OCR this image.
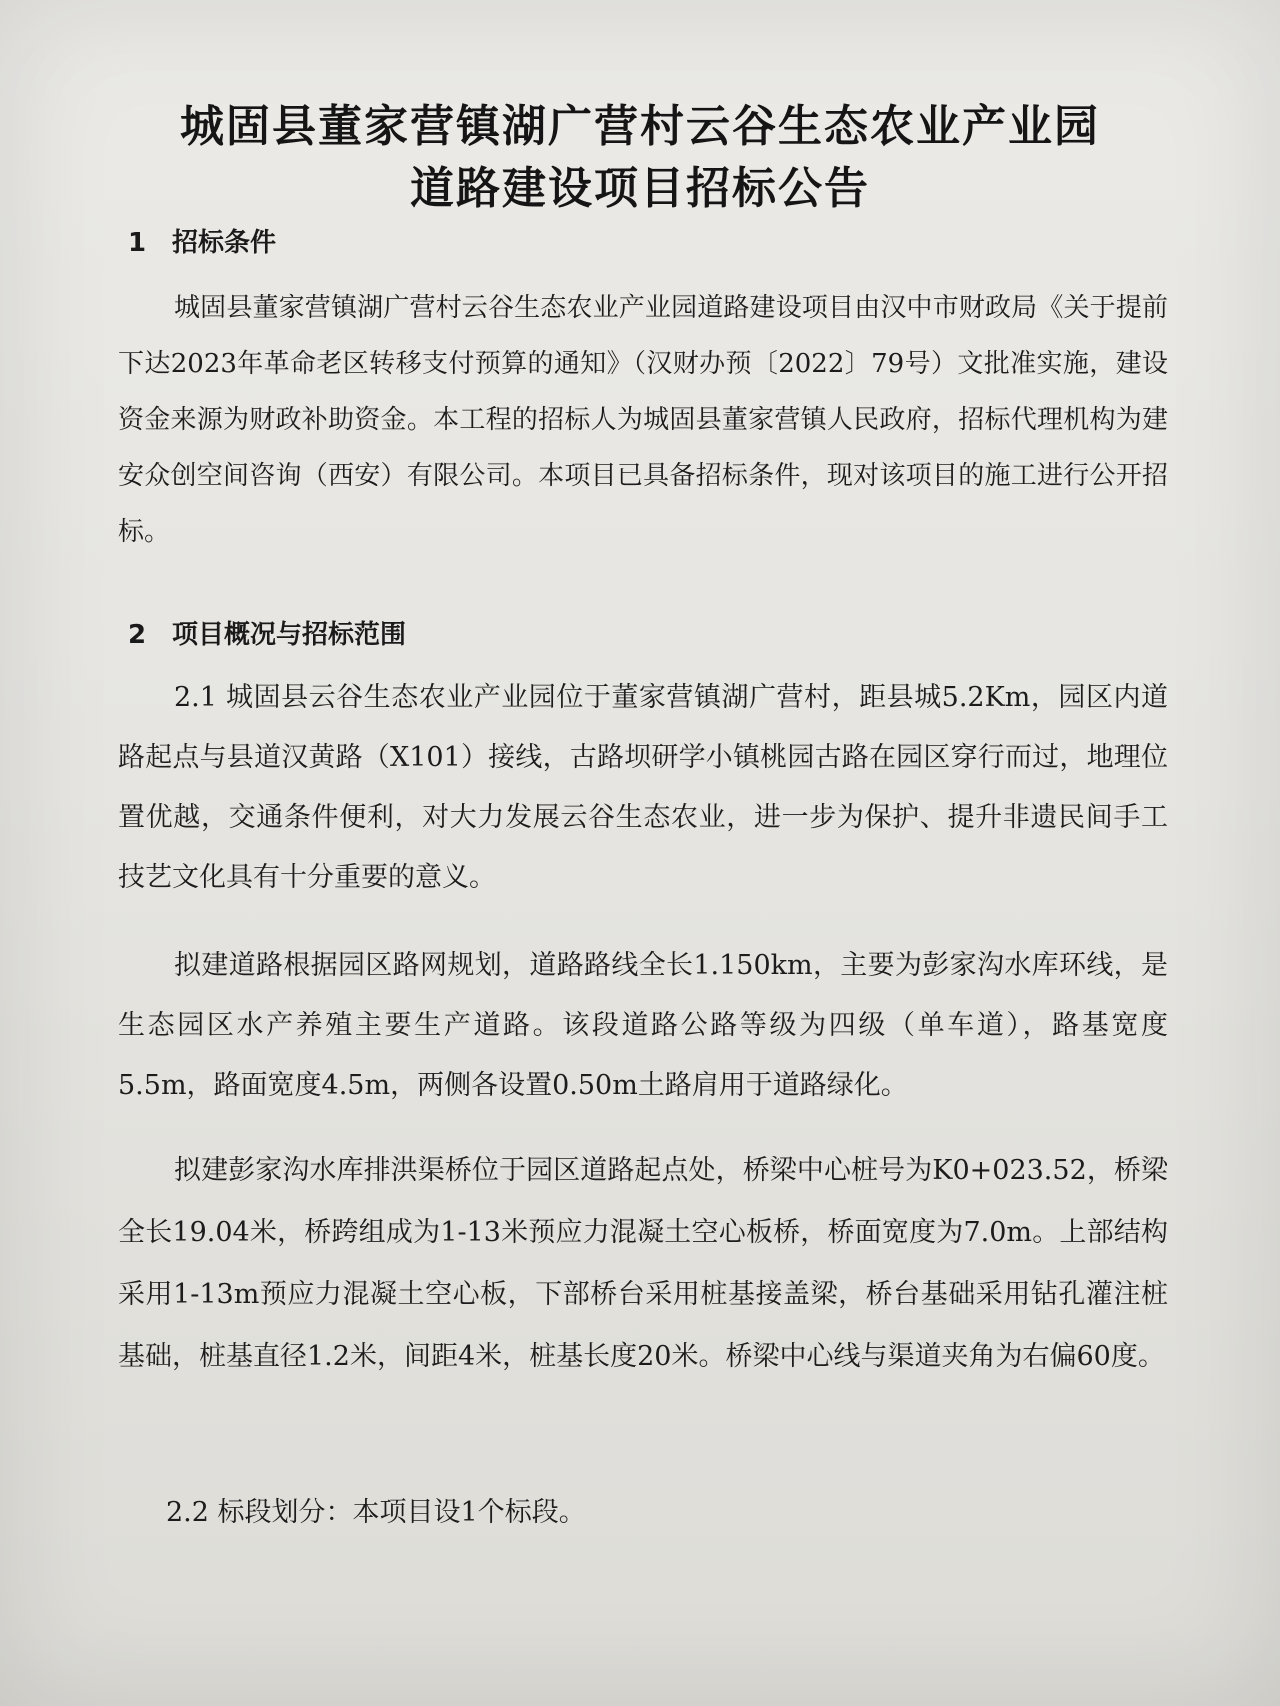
城固县董家营镇湖广营村云谷生态农业产业园
道路建设项目招标公告
1 招标条件

城固县董家营镇湖广营村云谷生态农业产业园道路建设项目由汉中市财政局《关于提前下达2023年革命老区转移支付预算的通知》（汉财办预〔2022〕79号）文批准实施，建设资金来源为财政补助资金。本工程的招标人为城固县董家营镇人民政府，招标代理机构为建安众创空间咨询（西安）有限公司。本项目已具备招标条件，现对该项目的施工进行公开招标。

2 项目概况与招标范围

2.1 城固县云谷生态农业产业园位于董家营镇湖广营村，距县城5.2Km，园区内道路起点与县道汉黄路（X101）接线，古路坝研学小镇桃园古路在园区穿行而过，地理位置优越，交通条件便利，对大力发展云谷生态农业，进一步为保护、提升非遗民间手工技艺文化具有十分重要的意义。

拟建道路根据园区路网规划，道路路线全长1.150km，主要为彭家沟水库环线，是生态园区水产养殖主要生产道路。该段道路公路等级为四级（单车道），路基宽度5.5m，路面宽度4.5m，两侧各设置0.50m土路肩用于道路绿化。

拟建彭家沟水库排洪渠桥位于园区道路起点处，桥梁中心桩号为K0+023.52，桥梁全长19.04米，桥跨组成为1-13米预应力混凝土空心板桥，桥面宽度为7.0m。上部结构采用1-13m预应力混凝土空心板，下部桥台采用桩基接盖梁，桥台基础采用钻孔灌注桩基础，桩基直径1.2米，间距4米，桩基长度20米。桥梁中心线与渠道夹角为右偏60度。

2.2 标段划分：本项目设1个标段。
